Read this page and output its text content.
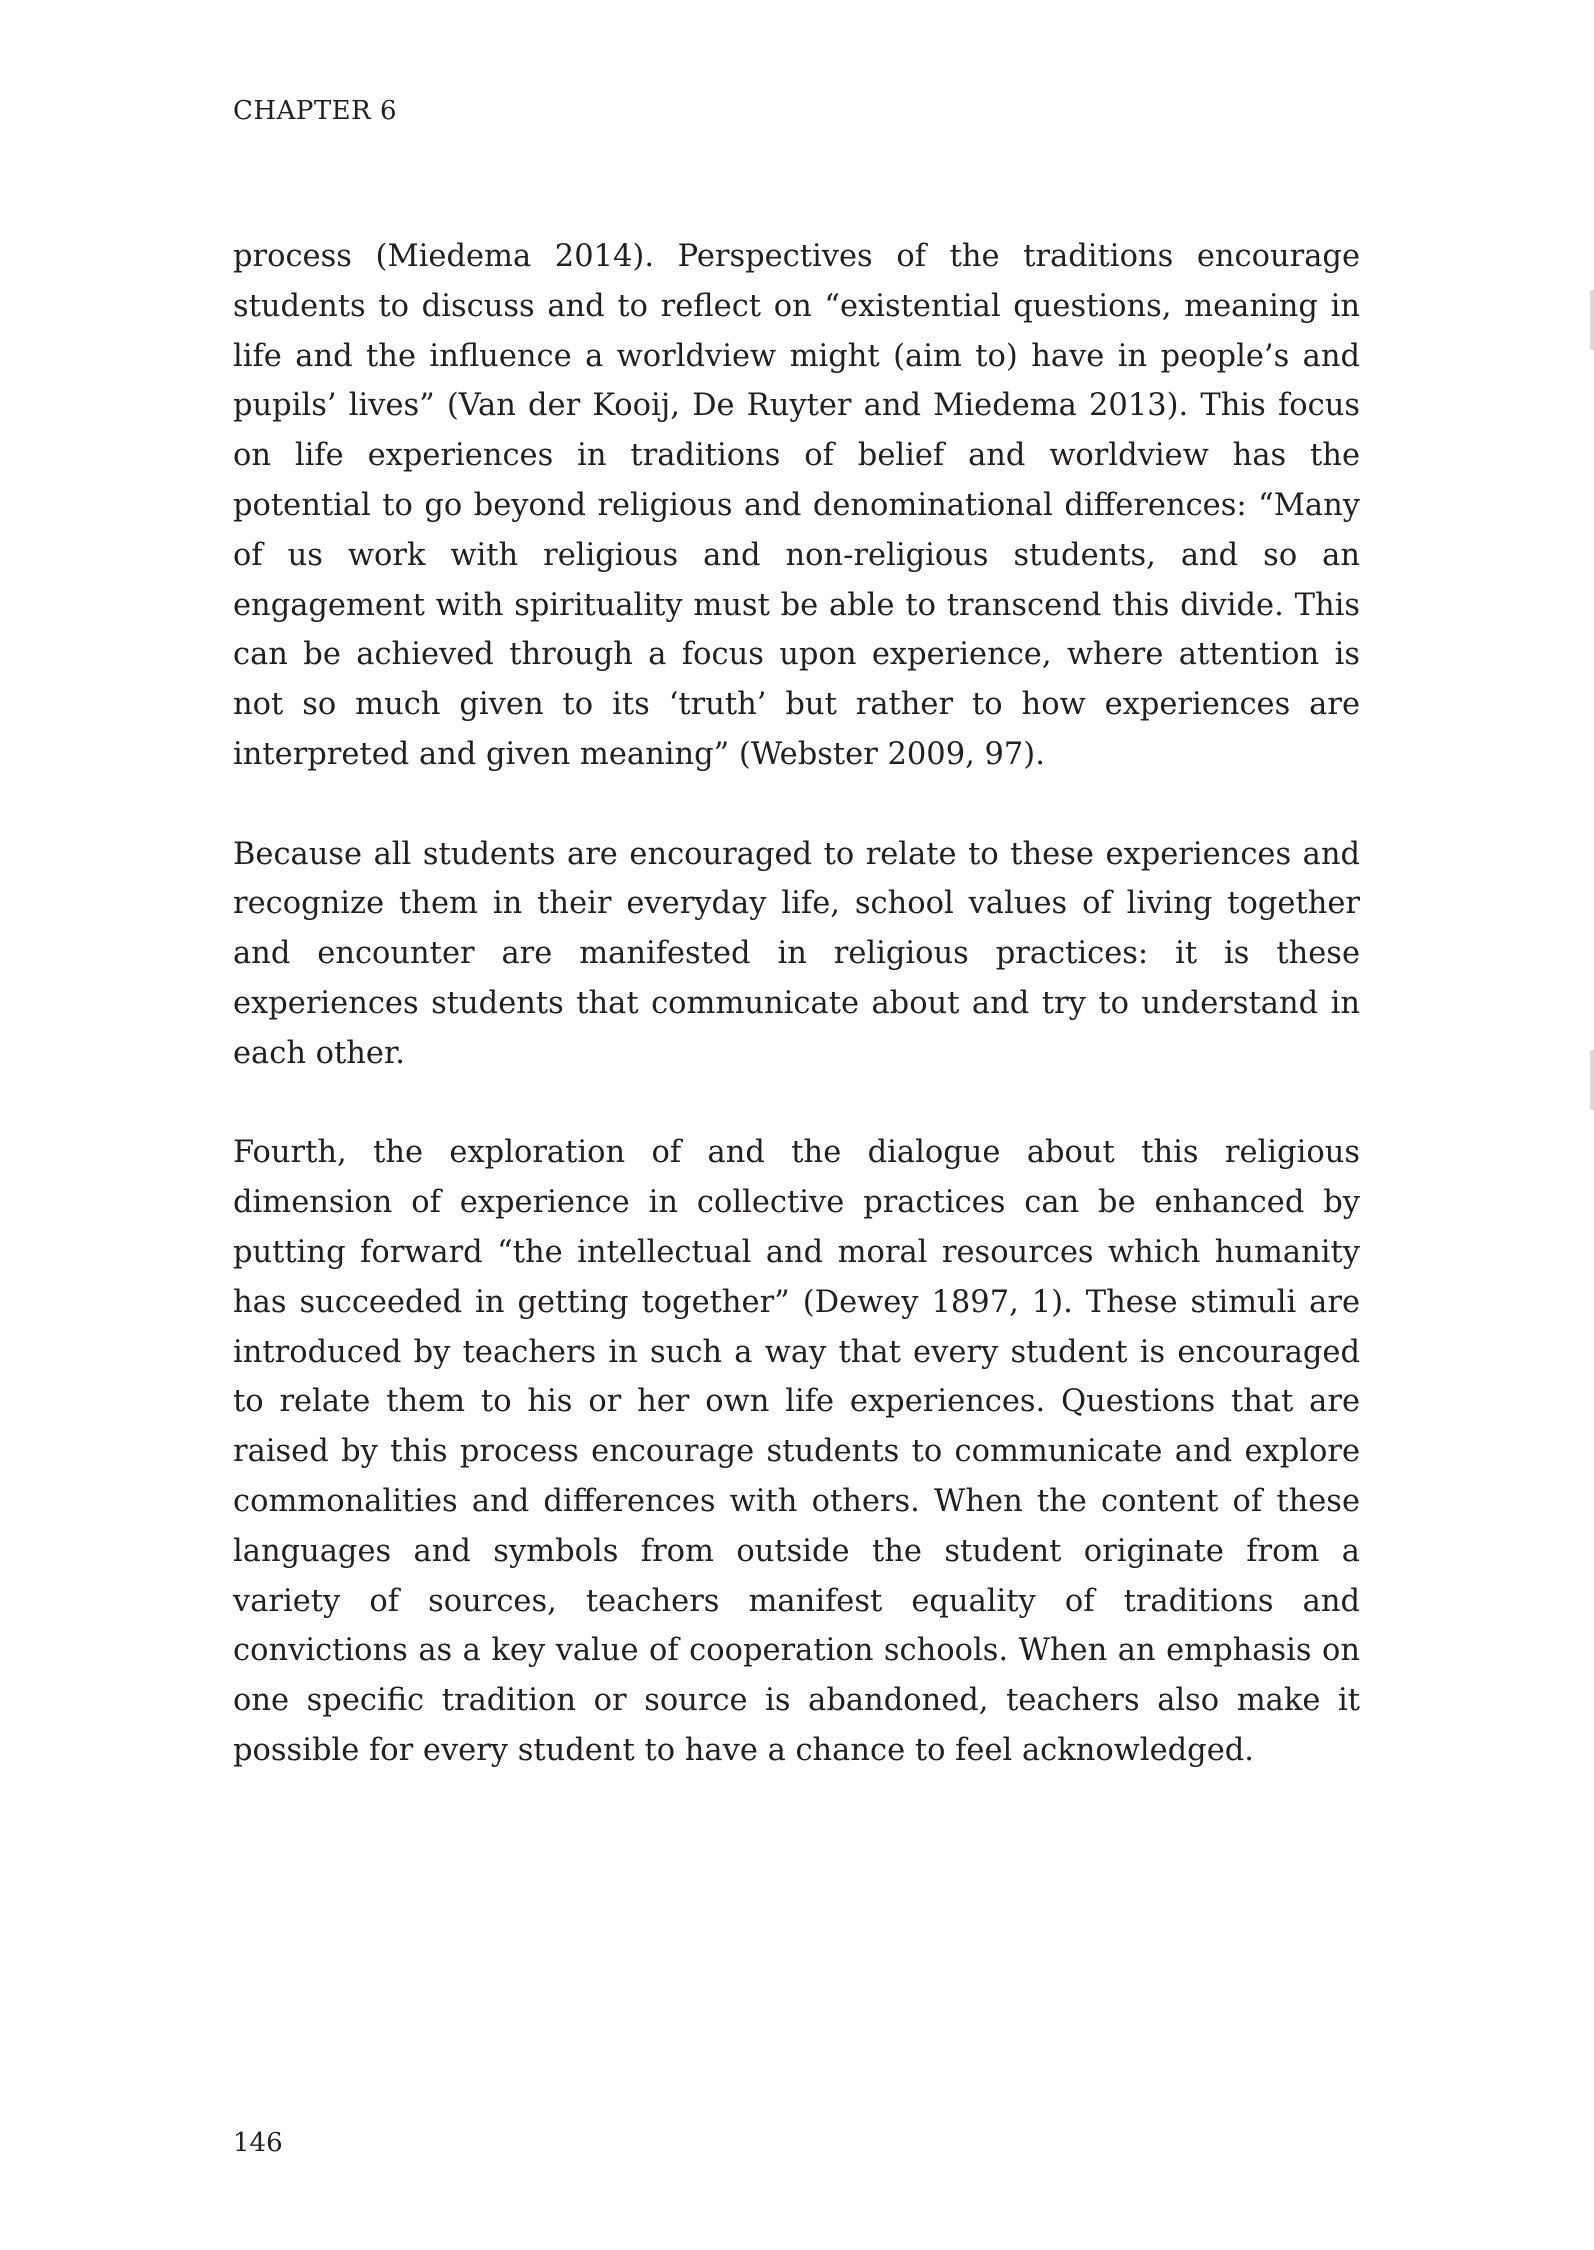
CHAPTER 6

process (Miedema 2014). Perspectives of the traditions encourage students to discuss and to reflect on “existential questions, meaning in life and the influence a worldview might (aim to) have in people’s and pupils’ lives” (Van der Kooij, De Ruyter and Miedema 2013). This focus on life experiences in traditions of belief and worldview has the potential to go beyond religious and denominational differences: “Many of us work with religious and non-religious students, and so an engagement with spirituality must be able to transcend this divide. This can be achieved through a focus upon experience, where attention is not so much given to its ‘truth’ but rather to how experiences are interpreted and given meaning” (Webster 2009, 97).

Because all students are encouraged to relate to these experiences and recognize them in their everyday life, school values of living together and encounter are manifested in religious practices: it is these experiences students that communicate about and try to understand in each other.

Fourth, the exploration of and the dialogue about this religious dimension of experience in collective practices can be enhanced by putting forward “the intellectual and moral resources which humanity has succeeded in getting together” (Dewey 1897, 1). These stimuli are introduced by teachers in such a way that every student is encouraged to relate them to his or her own life experiences. Questions that are raised by this process encourage students to communicate and explore commonalities and differences with others. When the content of these languages and symbols from outside the student originate from a variety of sources, teachers manifest equality of traditions and convictions as a key value of cooperation schools. When an emphasis on one specific tradition or source is abandoned, teachers also make it possible for every student to have a chance to feel acknowledged.

146
